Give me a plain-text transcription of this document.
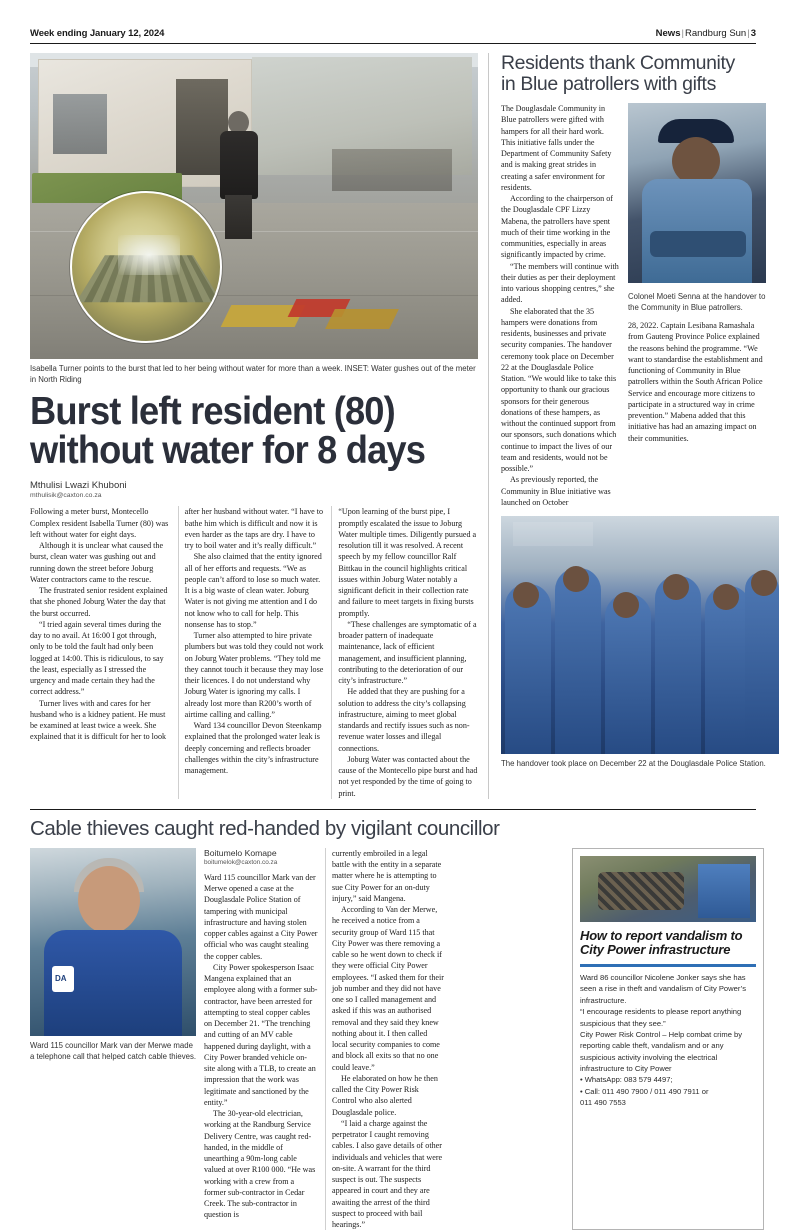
Week ending January 12, 2024	News|Randburg Sun|3
Isabella Turner points to the burst that led to her being without water for more than a week. INSET: Water gushes out of the meter in North Riding
Burst left resident (80)
without water for 8 days
Mthulisi Lwazi Khuboni
mthulisik@caxton.co.za

Following a meter burst, Montecello Complex resident Isabella Turner (80) was left without water for eight days.

Although it is unclear what caused the burst, clean water was gushing out and running down the street before Joburg Water contractors came to the rescue.

The frustrated senior resident explained that she phoned Joburg Water the day that the burst occurred.

“I tried again several times during the day to no avail. At 16:00 I got through, only to be told the fault had only been logged at 14:00. This is ridiculous, to say the least, especially as I stressed the urgency and made certain they had the correct address.”

Turner lives with and cares for her husband who is a kidney patient. He must be examined at least twice a week. She explained that it is difficult for her to look

after her husband without water. “I have to bathe him which is difficult and now it is even harder as the taps are dry. I have to try to boil water and it’s really difficult.”

She also claimed that the entity ignored all of her efforts and requests. “We as people can’t afford to lose so much water. It is a big waste of clean water. Joburg Water is not giving me attention and I do not know who to call for help. This nonsense has to stop.”

Turner also attempted to hire private plumbers but was told they could not work on Joburg Water problems. “They told me they cannot touch it because they may lose their licences. I do not understand why Joburg Water is ignoring my calls. I already lost more than R200’s worth of airtime calling and calling.”

Ward 134 councillor Devon Steenkamp explained that the prolonged water leak is deeply concerning and reflects broader challenges within the city’s infrastructure management.

“Upon learning of the burst pipe, I promptly escalated the issue to Joburg Water multiple times. Diligently pursued a resolution till it was resolved. A recent speech by my fellow councillor Ralf Bittkau in the council highlights critical issues within Joburg Water notably a significant deficit in their collection rate and failure to meet targets in fixing bursts promptly.

“These challenges are symptomatic of a broader pattern of inadequate maintenance, lack of efficient management, and insufficient planning, contributing to the deterioration of our city’s infrastructure.”

He added that they are pushing for a solution to address the city’s collapsing infrastructure, aiming to meet global standards and rectify issues such as non-revenue water losses and illegal connections.

Joburg Water was contacted about the cause of the Montecello pipe burst and had not yet responded by the time of going to print.

Residents thank Community
in Blue patrollers with gifts

The Douglasdale Community in Blue patrollers were gifted with hampers for all their hard work. This initiative falls under the Department of Community Safety and is making great strides in creating a safer environment for residents.

According to the chairperson of the Douglasdale CPF Lizzy Mabena, the patrollers have spent much of their time working in the communities, especially in areas significantly impacted by crime.

“The members will continue with their duties as per their deployment into various shopping centres,” she added.

She elaborated that the 35 hampers were donations from residents, businesses and private security companies. The handover ceremony took place on December 22 at the Douglasdale Police Station. “We would like to take this opportunity to thank our gracious sponsors for their generous donations of these hampers, as without the continued support from our sponsors, such donations which continue to impact the lives of our team and residents, would not be possible.”

As previously reported, the Community in Blue initiative was launched on October

Colonel Moeti Senna at the handover to the Community in Blue patrollers.

28, 2022. Captain Lesibana Ramashala from Gauteng Province Police explained the reasons behind the programme. “We want to standardise the establishment and functioning of Community in Blue patrollers within the South African Police Service and encourage more citizens to participate in a structured way in crime prevention.” Mabena added that this initiative has had an amazing impact on their communities.

The handover took place on December 22 at the Douglasdale Police Station.
Cable thieves caught red-handed by vigilant councillor
DA
Ward 115 councillor Mark van der Merwe made a telephone call that helped catch cable thieves.
Boitumelo Komape
boitumelok@caxton.co.za

Ward 115 councillor Mark van der Merwe opened a case at the Douglasdale Police Station of tampering with municipal infrastructure and having stolen copper cables against a City Power official who was caught stealing the copper cables.

City Power spokesperson Isaac Mangena explained that an employee along with a former sub-contractor, have been arrested for attempting to steal copper cables on December 21. “The trenching and cutting of an MV cable happened during daylight, with a City Power branded vehicle on-site along with a TLB, to create an impression that the work was legitimate and sanctioned by the entity.”

The 30-year-old electrician, working at the Randburg Service Delivery Centre, was caught red-handed, in the middle of unearthing a 90m-long cable valued at over R100 000. “He was working with a crew from a former sub-contractor in Cedar Creek. The sub-contractor in question is

currently embroiled in a legal battle with the entity in a separate matter where he is attempting to sue City Power for an on-duty injury,” said Mangena.

According to Van der Merwe, he received a notice from a security group of Ward 115 that City Power was there removing a cable so he went down to check if they were official City Power employees. “I asked them for their job number and they did not have one so I called management and asked if this was an authorised removal and they said they knew nothing about it. I then called local security companies to come and block all exits so that no one could leave.”

He elaborated on how he then called the City Power Risk Control who also alerted Douglasdale police.

“I laid a charge against the perpetrator I caught removing cables. I also gave details of other individuals and vehicles that were on-site. A warrant for the third suspect is out. The suspects appeared in court and they are awaiting the arrest of the third suspect to proceed with bail hearings.”

How to report vandalism to
City Power infrastructure

Ward 86 councillor Nicolene Jonker says she has seen a rise in theft and vandalism of City Power’s infrastructure.

“I encourage residents to please report anything suspicious that they see.”

City Power Risk Control – Help combat crime by reporting cable theft, vandalism and or any suspicious activity involving the electrical infrastructure to City Power

• WhatsApp: 083 579 4497;

• Call: 011 490 7900 / 011 490 7911 or

011 490 7553
